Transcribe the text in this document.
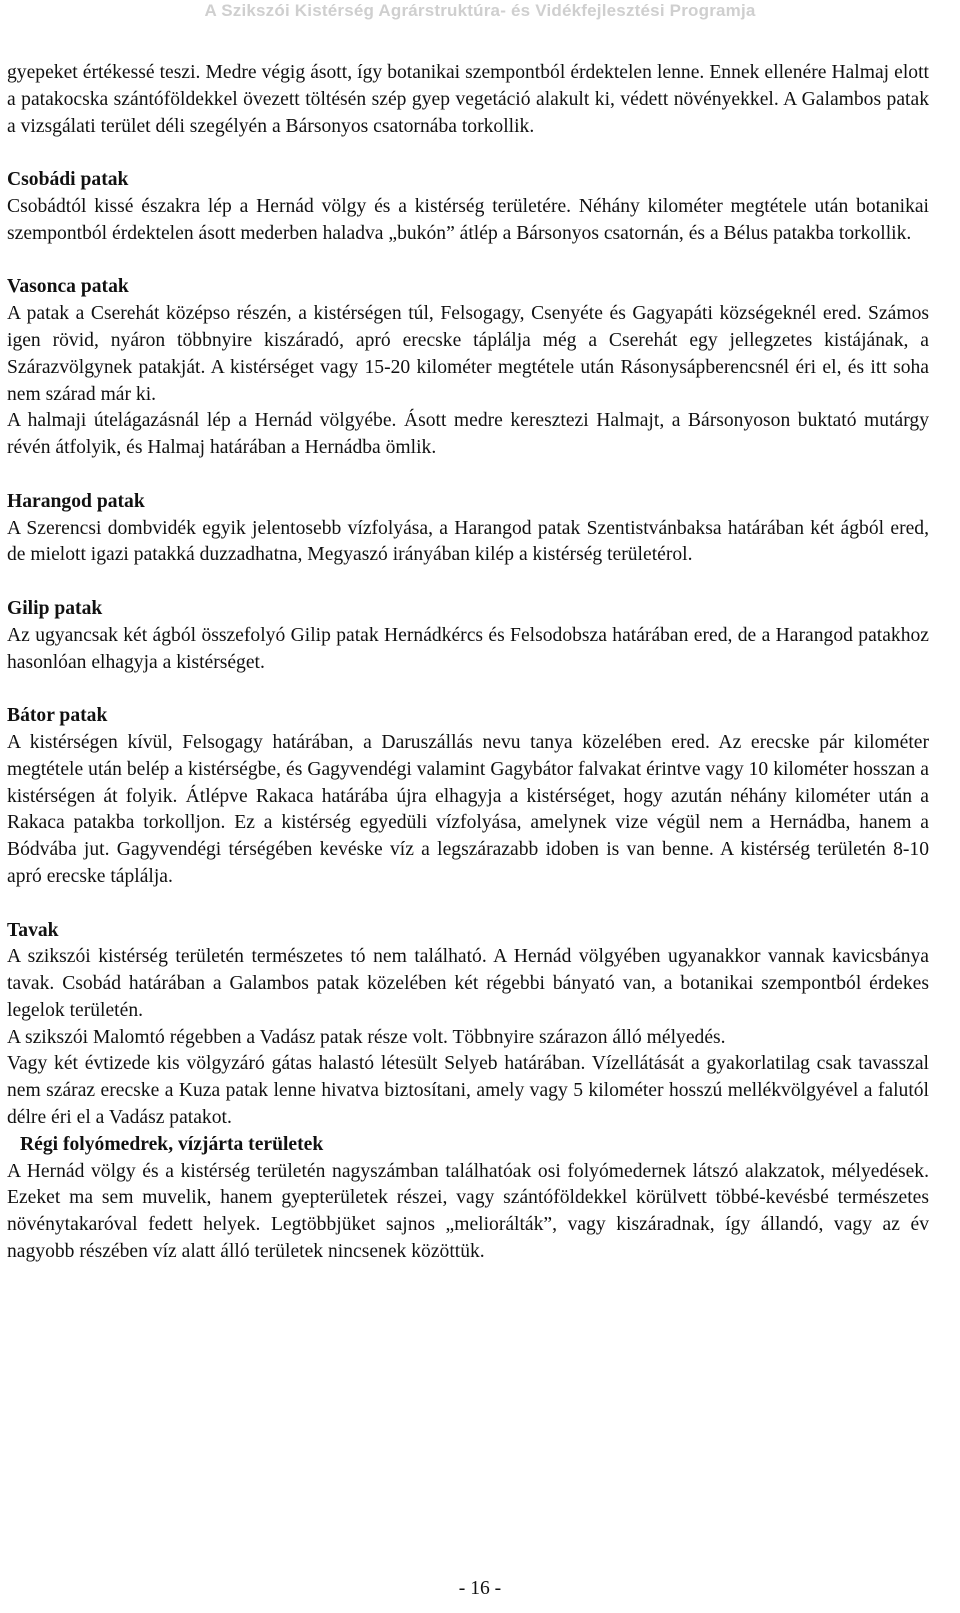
A Szikszói Kistérség Agrárstruktúra- és Vidékfejlesztési Programja

gyepeket értékessé teszi. Medre végig ásott, így botanikai szempontból érdektelen lenne. Ennek ellenére Halmaj elott a patakocska szántóföldekkel övezett töltésén szép gyep vegetáció alakult ki, védett növényekkel. A Galambos patak a vizsgálati terület déli szegélyén a Bársonyos csatornába torkollik.

Csobádi patak

Csobádtól kissé északra lép a Hernád völgy és a kistérség területére. Néhány kilométer megtétele után botanikai szempontból érdektelen ásott mederben haladva „bukón” átlép a Bársonyos csatornán, és a Bélus patakba torkollik.

Vasonca patak

A patak a Cserehát középso részén, a kistérségen túl, Felsogagy, Csenyéte és Gagyapáti községeknél ered. Számos igen rövid, nyáron többnyire kiszáradó, apró erecske táplálja még a Cserehát egy jellegzetes kistájának, a Szárazvölgynek patakját. A kistérséget vagy 15-20 kilométer megtétele után Rásonysápberencsnél éri el, és itt soha nem szárad már ki.

A halmaji útelágazásnál lép a Hernád völgyébe. Ásott medre keresztezi Halmajt, a Bársonyoson buktató mutárgy révén átfolyik, és Halmaj határában a Hernádba ömlik.

Harangod patak

A Szerencsi dombvidék egyik jelentosebb vízfolyása, a Harangod patak Szentistvánbaksa határában két ágból ered, de mielott igazi patakká duzzadhatna, Megyaszó irányában kilép a kistérség területérol.

Gilip patak

Az ugyancsak két ágból összefolyó Gilip patak Hernádkércs és Felsodobsza határában ered, de a Harangod patakhoz hasonlóan elhagyja a kistérséget.

Bátor patak

A kistérségen kívül, Felsogagy határában, a Daruszállás nevu tanya közelében ered. Az erecske pár kilométer megtétele után belép a kistérségbe, és Gagyvendégi valamint Gagybátor falvakat érintve vagy 10 kilométer hosszan a kistérségen át folyik. Átlépve Rakaca határába újra elhagyja a kistérséget, hogy azután néhány kilométer után a Rakaca patakba torkolljon. Ez a kistérség egyedüli vízfolyása, amelynek vize végül nem a Hernádba, hanem a Bódvába jut. Gagyvendégi térségében kevéske víz a legszárazabb idoben is van benne. A kistérség területén 8-10 apró erecske táplálja.

Tavak

A szikszói kistérség területén természetes tó nem található. A Hernád völgyében ugyanakkor vannak kavicsbánya tavak. Csobád határában a Galambos patak közelében két régebbi bányató van, a botanikai szempontból érdekes legelok területén.

A szikszói Malomtó régebben a Vadász patak része volt. Többnyire szárazon álló mélyedés.

Vagy két évtizede kis völgyzáró gátas halastó létesült Selyeb határában. Vízellátását a gyakorlatilag csak tavasszal nem száraz erecske a Kuza patak lenne hivatva biztosítani, amely vagy 5 kilométer hosszú mellékvölgyével a falutól délre éri el a Vadász patakot.

Régi folyómedrek, vízjárta területek

A Hernád völgy és a kistérség területén nagyszámban találhatóak osi folyómedernek látszó alakzatok, mélyedések. Ezeket ma sem muvelik, hanem gyepterületek részei, vagy szántóföldekkel körülvett többé-kevésbé természetes növénytakaróval fedett helyek. Legtöbbjüket sajnos „meliorálták”, vagy kiszáradnak, így állandó, vagy az év nagyobb részében víz alatt álló területek nincsenek közöttük.

- 16 -
